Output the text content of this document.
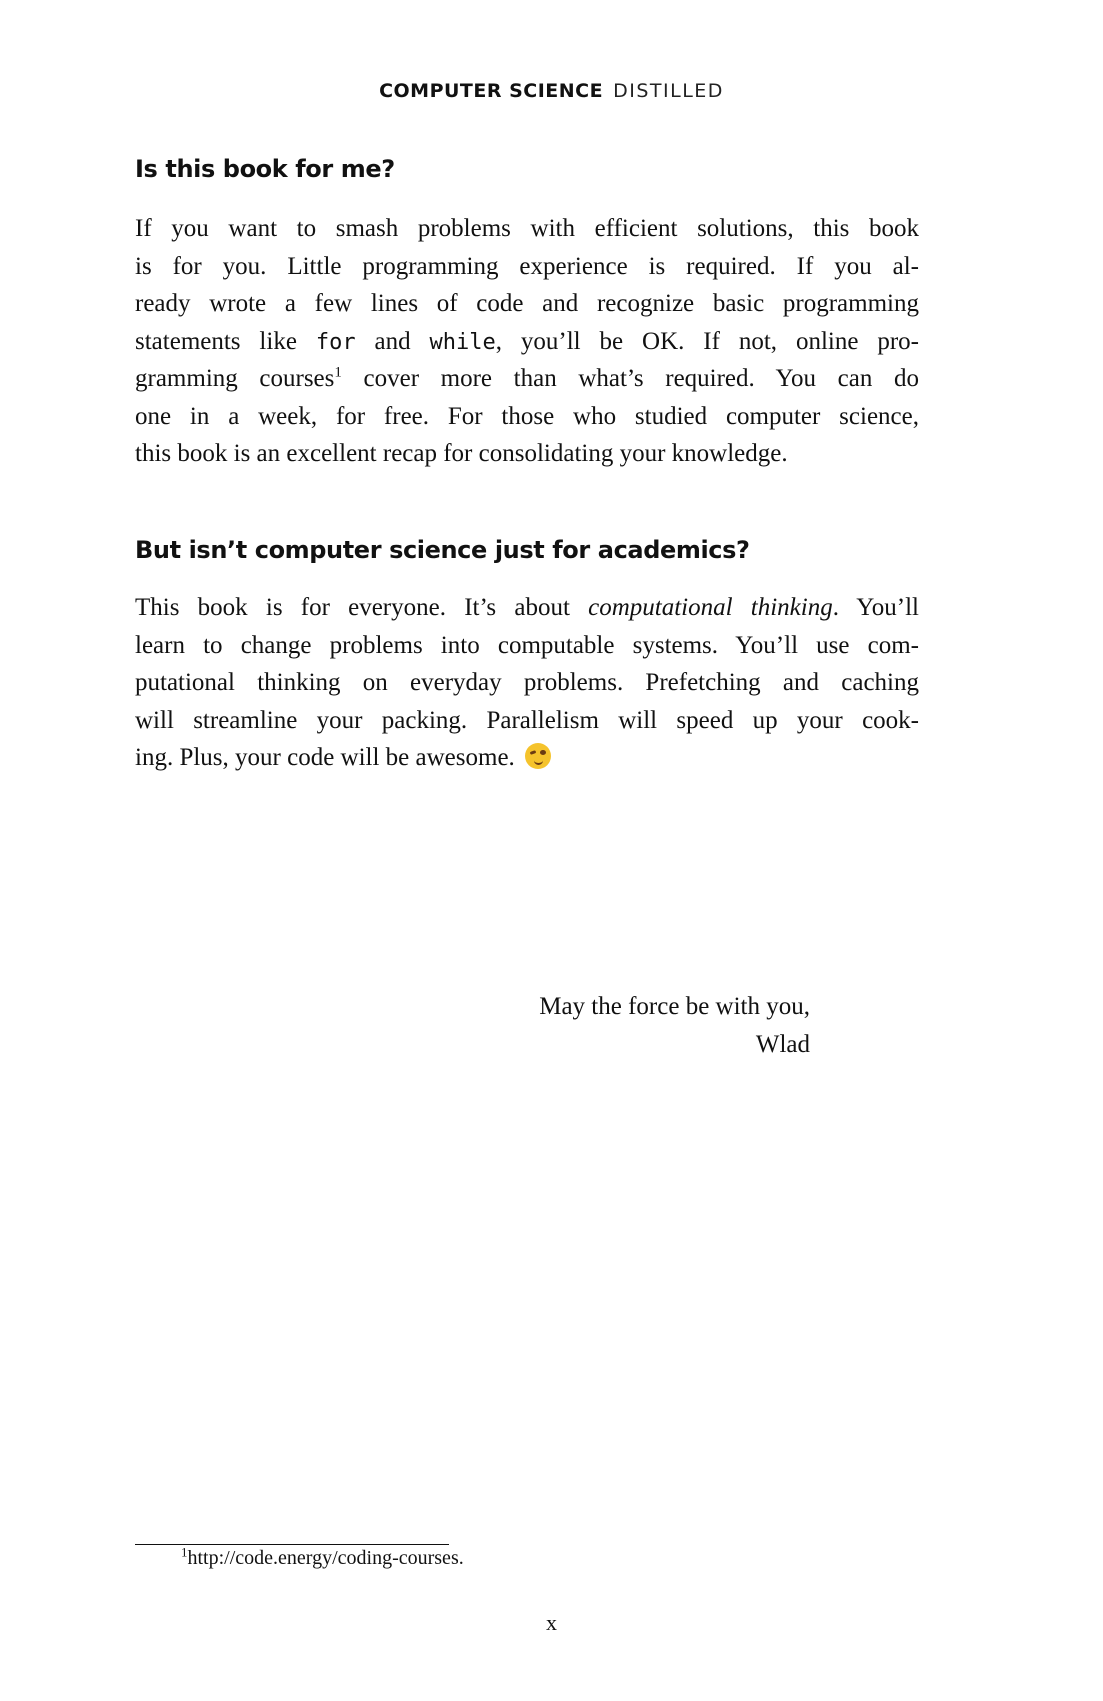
COMPUTER SCIENCE DISTILLED
Is this book for me?
If you want to smash problems with efficient solutions, this book
is for you. Little programming experience is required. If you al-
ready wrote a few lines of code and recognize basic programming
statements like for and while, you’ll be OK. If not, online pro-
gramming courses$^1$ cover more than what’s required. You can do
one in a week, for free. For those who studied computer science,
this book is an excellent recap for consolidating your knowledge.
But isn’t computer science just for academics?
This book is for everyone. It’s about computational thinking. You’ll
learn to change problems into computable systems. You’ll use com-
putational thinking on everyday problems. Prefetching and caching
will streamline your packing. Parallelism will speed up your cook-
ing. Plus, your code will be awesome.
May the force be with you,
Wlad
$^1$http://code.energy/coding-courses.
x
